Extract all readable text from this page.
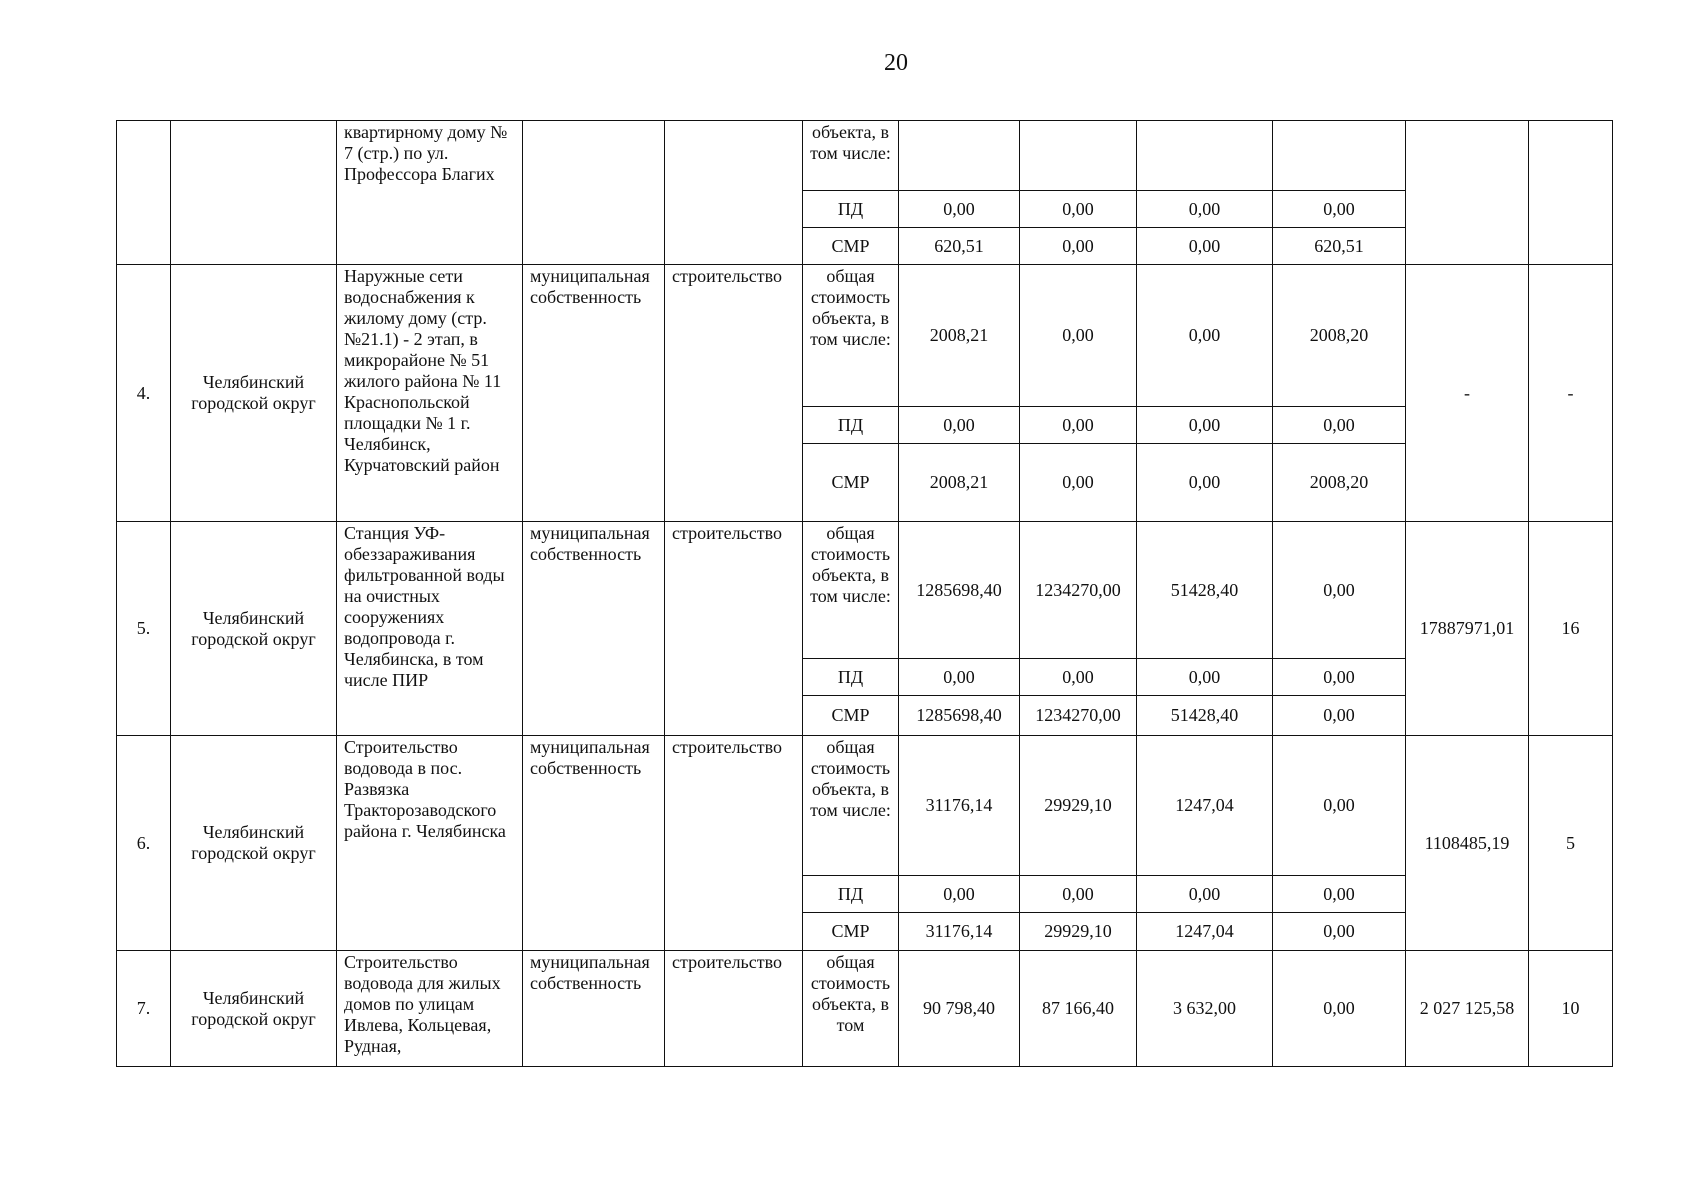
20
		квартирному дому № 7 (стр.) по ул. Профессора Благих			объекта, в том числе:						
					ПД	0,00	0,00	0,00	0,00		
					СМР	620,51	0,00	0,00	620,51		
4.	Челябинский городской округ	Наружные сети водоснабжения к жилому дому (стр. №21.1) - 2 этап, в микрорайоне № 51 жилого района № 11 Краснопольской площадки № 1 г. Челябинск, Курчатовский район	муниципальная собственность	строительство	общая стоимость объекта, в том числе:	2008,21	0,00	0,00	2008,20	-	-
					ПД	0,00	0,00	0,00	0,00		
					СМР	2008,21	0,00	0,00	2008,20		
5.	Челябинский городской округ	Станция УФ-обеззараживания фильтрованной воды на очистных сооружениях водопровода г. Челябинска, в том числе ПИР	муниципальная собственность	строительство	общая стоимость объекта, в том числе:	1285698,40	1234270,00	51428,40	0,00	17887971,01	16
					ПД	0,00	0,00	0,00	0,00		
					СМР	1285698,40	1234270,00	51428,40	0,00		
6.	Челябинский городской округ	Строительство водовода в пос. Развязка Тракторозаводского района г. Челябинска	муниципальная собственность	строительство	общая стоимость объекта, в том числе:	31176,14	29929,10	1247,04	0,00	1108485,19	5
					ПД	0,00	0,00	0,00	0,00		
					СМР	31176,14	29929,10	1247,04	0,00		
7.	Челябинский городской округ	Строительство водовода для жилых домов по улицам Ивлева, Кольцевая, Рудная,	муниципальная собственность	строительство	общая стоимость объекта, в том	90 798,40	87 166,40	3 632,00	0,00	2 027 125,58	10
